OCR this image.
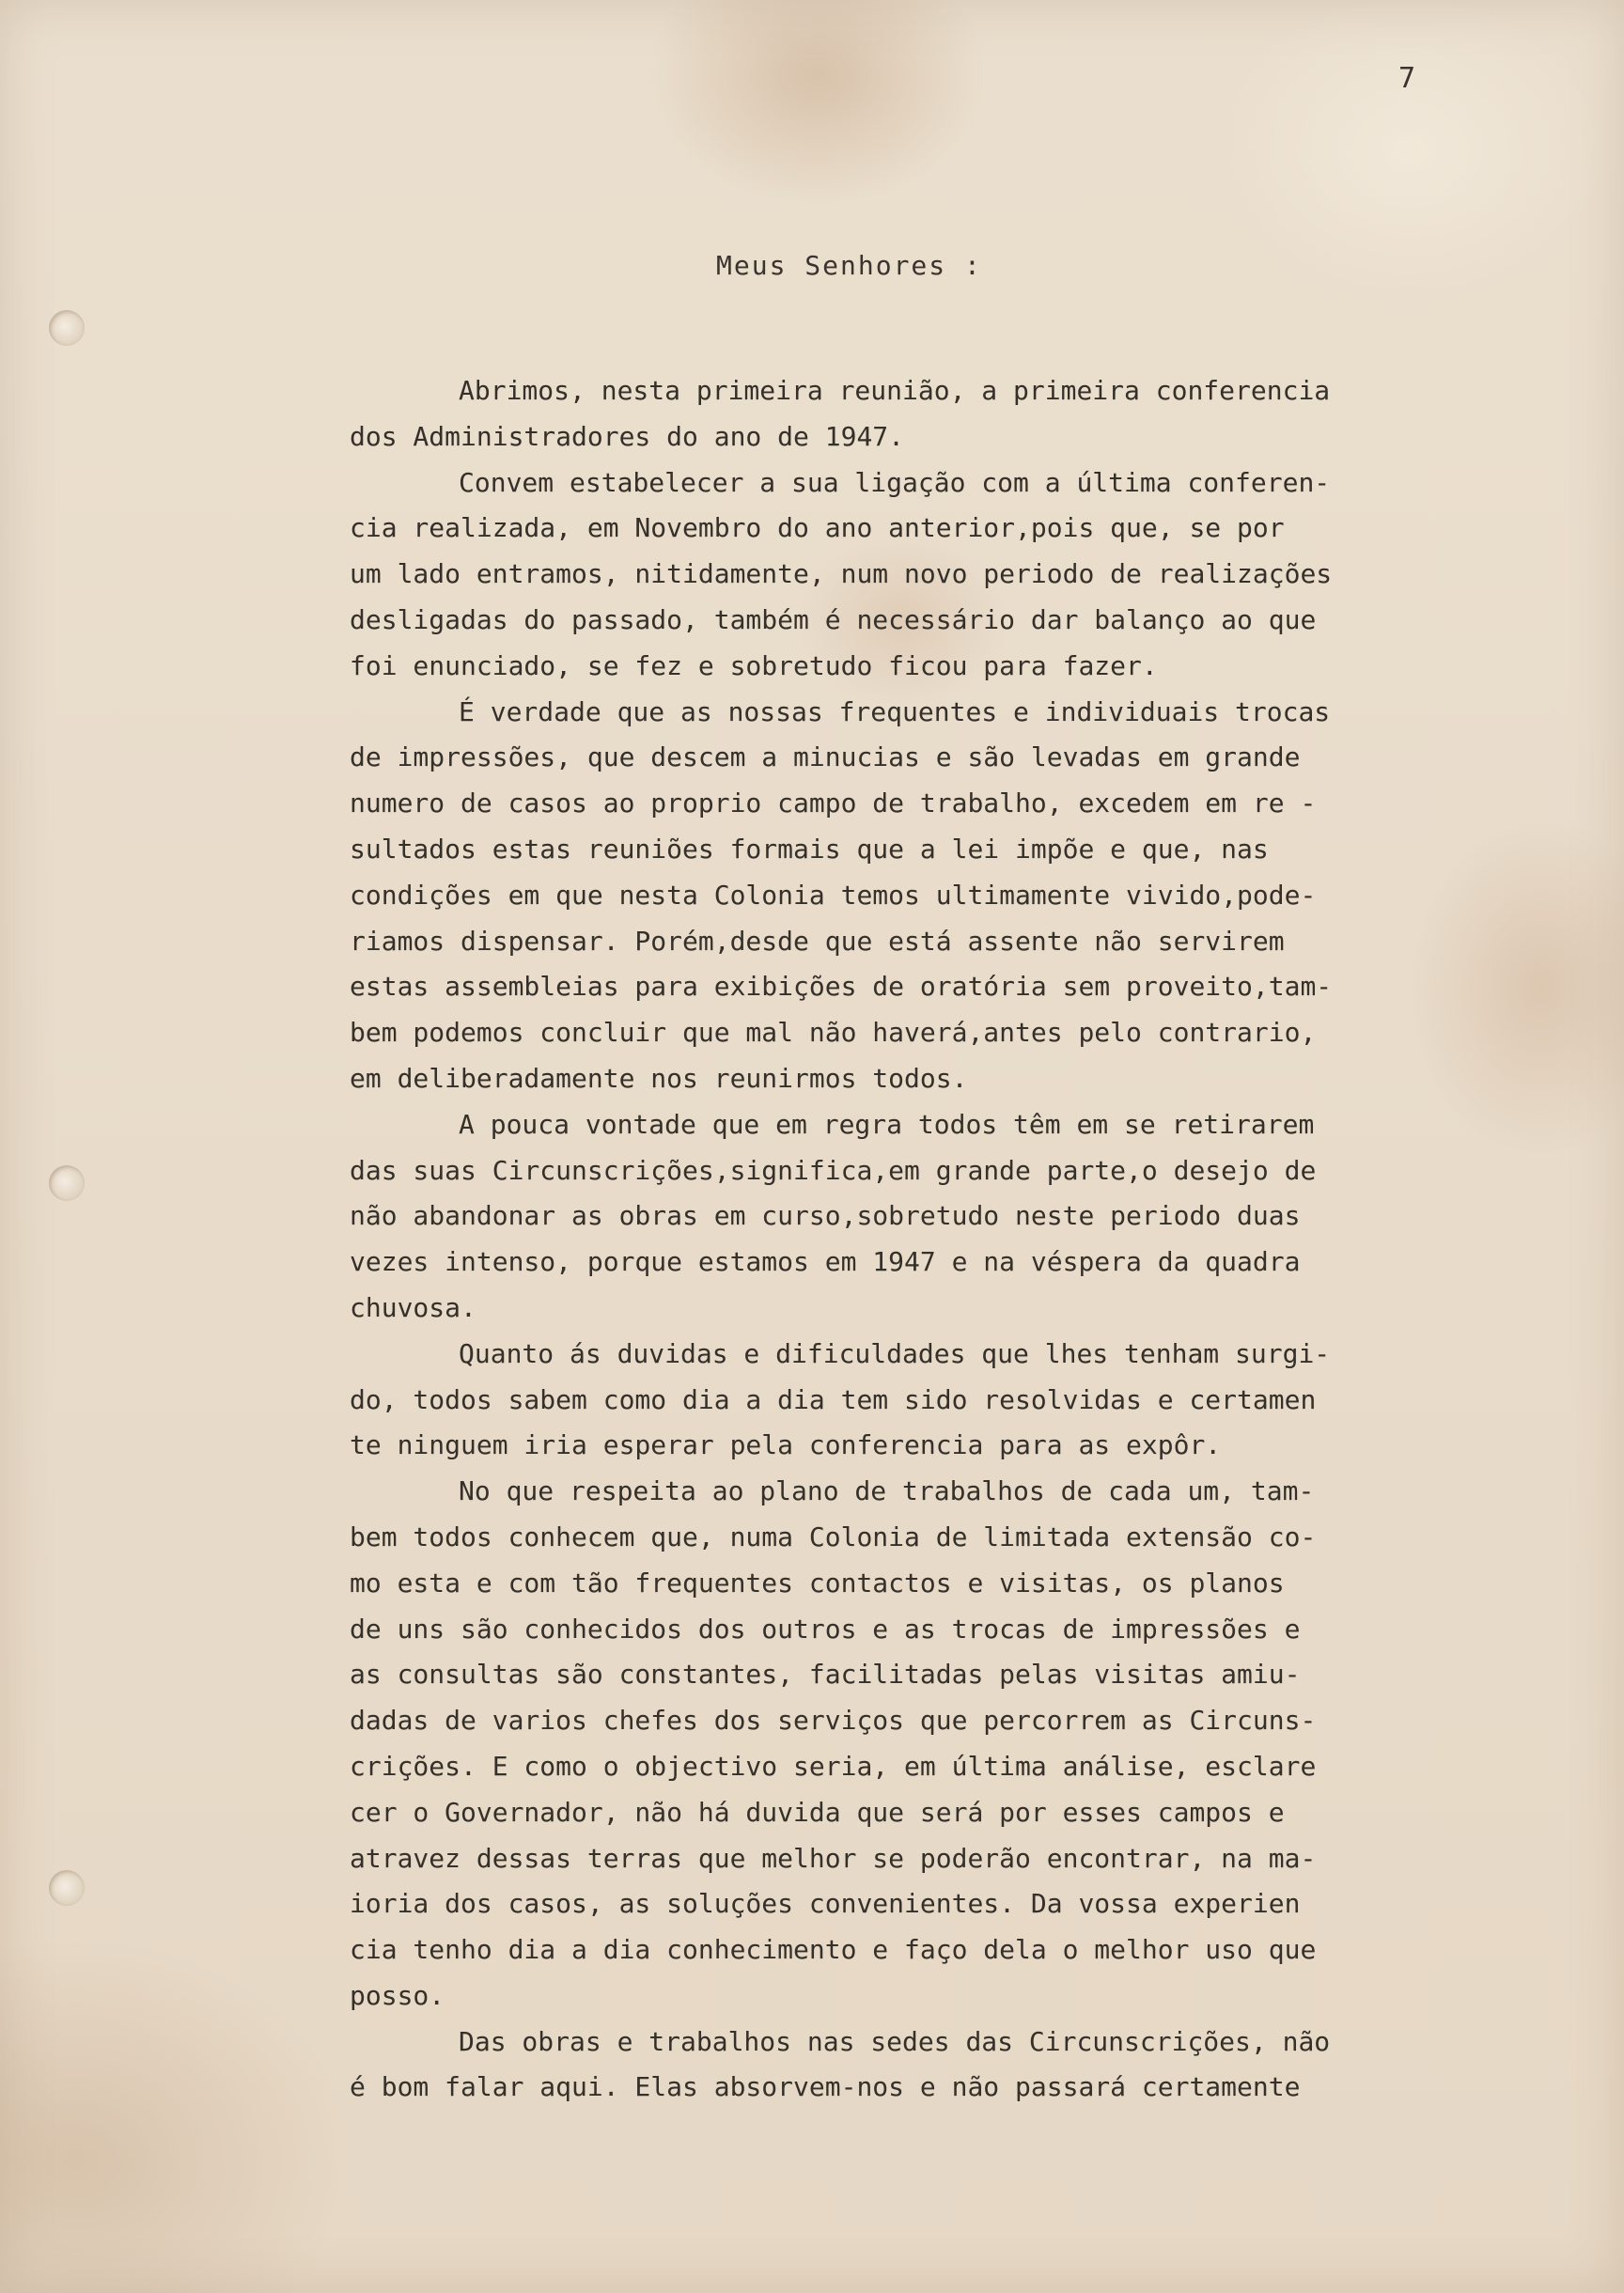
7

Meus Senhores :
Abrimos, nesta primeira reunião, a primeira conferencia
dos Administradores do ano de 1947.
Convem estabelecer a sua ligação com a última conferen-
cia realizada, em Novembro do ano anterior,pois que, se por
um lado entramos, nitidamente, num novo periodo de realizações
desligadas do passado, também é necessário dar balanço ao que
foi enunciado, se fez e sobretudo ficou para fazer.
É verdade que as nossas frequentes e individuais trocas
de impressões, que descem a minucias e são levadas em grande
numero de casos ao proprio campo de trabalho, excedem em re -
sultados estas reuniões formais que a lei impõe e que, nas
condições em que nesta Colonia temos ultimamente vivido,pode-
riamos dispensar. Porém,desde que está assente não servirem
estas assembleias para exibições de oratória sem proveito,tam-
bem podemos concluir que mal não haverá,antes pelo contrario,
em deliberadamente nos reunirmos todos.
A pouca vontade que em regra todos têm em se retirarem
das suas Circunscrições,significa,em grande parte,o desejo de
não abandonar as obras em curso,sobretudo neste periodo duas
vezes intenso, porque estamos em 1947 e na véspera da quadra
chuvosa.
Quanto ás duvidas e dificuldades que lhes tenham surgi-
do, todos sabem como dia a dia tem sido resolvidas e certamen
te ninguem iria esperar pela conferencia para as expôr.
No que respeita ao plano de trabalhos de cada um, tam-
bem todos conhecem que, numa Colonia de limitada extensão co-
mo esta e com tão frequentes contactos e visitas, os planos
de uns são conhecidos dos outros e as trocas de impressões e
as consultas são constantes, facilitadas pelas visitas amiu-
dadas de varios chefes dos serviços que percorrem as Circuns-
crições. E como o objectivo seria, em última análise, esclare
cer o Governador, não há duvida que será por esses campos e
atravez dessas terras que melhor se poderão encontrar, na ma-
ioria dos casos, as soluções convenientes. Da vossa experien
cia tenho dia a dia conhecimento e faço dela o melhor uso que
posso.
Das obras e trabalhos nas sedes das Circunscrições, não
é bom falar aqui. Elas absorvem-nos e não passará certamente
